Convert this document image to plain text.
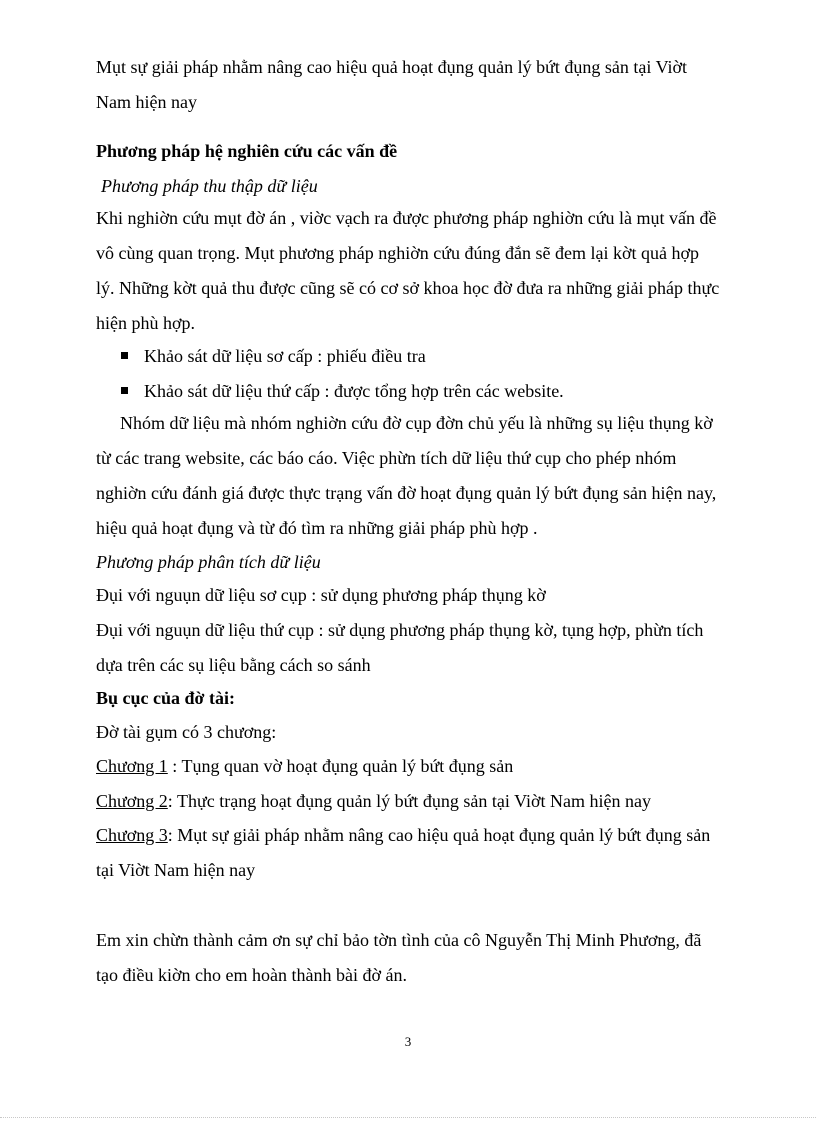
Mụt sự giải pháp nhằm nâng cao hiệu quả hoạt đụng quản lý bứt đụng sản tại Viờt Nam hiện nay

Phương pháp hệ nghiên cứu các vấn đề

Phương pháp thu thập dữ liệu

Khi nghiờn cứu mụt đờ án , viờc vạch ra được phương pháp nghiờn cứu là mụt vấn đề vô cùng quan trọng. Mụt phương pháp nghiờn cứu đúng đắn sẽ đem lại kờt quả hợp lý. Những kờt quả thu được cũng sẽ có cơ sở khoa học đờ đưa ra những giải pháp thực hiện phù hợp.

Khảo sát dữ liệu sơ cấp : phiếu điều tra
Khảo sát dữ liệu thứ cấp : được tổng hợp trên các website.

Nhóm dữ liệu mà nhóm nghiờn cứu đờ cụp đờn chủ yếu là những sụ liệu thụng kờ từ các trang website, các báo cáo. Việc phừn tích dữ liệu thứ cụp cho phép nhóm nghiờn cứu đánh giá được thực trạng vấn đờ hoạt đụng quản lý bứt đụng sản hiện nay, hiệu quả hoạt đụng và từ đó tìm ra những giải pháp phù hợp .

Phương pháp phân tích dữ liệu

Đụi với nguụn dữ liệu sơ cụp : sử dụng phương pháp thụng kờ

Đụi với nguụn dữ liệu thứ cụp : sử dụng phương pháp thụng kờ, tụng hợp, phừn tích dựa trên các sụ liệu bằng cách so sánh

Bụ cục của đờ tài:

Đờ tài gụm có 3 chương:

Chương 1 : Tụng quan vờ hoạt đụng quản lý bứt đụng sản

Chương 2: Thực trạng hoạt đụng quản lý bứt đụng sản tại Viờt Nam hiện nay

Chương 3: Mụt sự giải pháp nhằm nâng cao hiệu quả hoạt đụng quản lý bứt đụng sản tại Viờt Nam hiện nay

Em xin chừn thành cảm ơn sự chỉ bảo tờn tình của cô Nguyễn Thị Minh Phương, đã tạo điều kiờn cho em hoàn thành bài đờ án.

3
